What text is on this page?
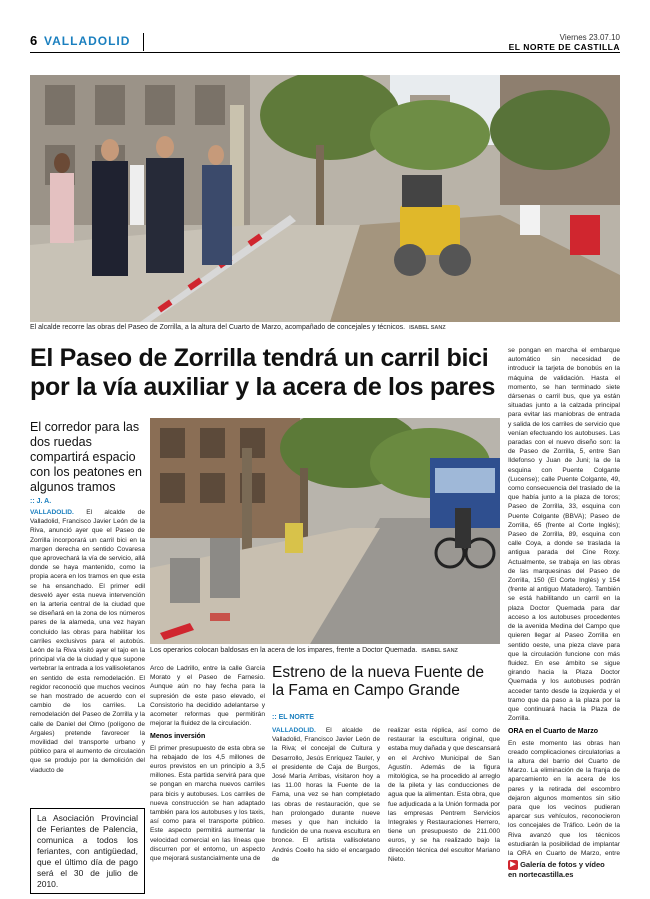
6 VALLADOLID	Viernes 23.07.10
EL NORTE DE CASTILLA
El alcalde recorre las obras del Paseo de Zorrilla, a la altura del Cuarto de Marzo, acompañado de concejales y técnicos. ISABEL SANZ
El Paseo de Zorrilla tendrá un carril bici por la vía auxiliar y la acera de los pares
El corredor para las dos ruedas compartirá espacio con los peatones en algunos tramos
:: J. A.
VALLADOLID. El alcalde de Valladolid, Francisco Javier León de la Riva, anunció ayer que el Paseo de Zorrilla incorporará un carril bici en la margen derecha en sentido Covaresa que aprovechará la vía de servicio, allá donde se haya mantenido, como la propia acera en los tramos en que esta se ha ensanchado. El primer edil desveló ayer esta nueva intervención en la arteria central de la ciudad que se diseñará en la zona de los números pares de la alameda, una vez hayan concluido las obras para habilitar los carriles exclusivos para el autobús. León de la Riva visitó ayer el tajo en la principal vía de la ciudad y que supone vertebrar la entrada a los vallisoletanos en sentido de esta remodelación. El regidor reconoció que muchos vecinos se han mostrado de acuerdo con el cambio de los carriles. La remodelación del Paseo de Zorrilla y la calle de Daniel del Olmo (polígono de Argales) pretende favorecer la movilidad del transporte urbano y público para el aumento de circulación que se produjo por la demolición del viaducto de
La Asociación Provincial de Feriantes de Palencia, comunica a todos los feriantes, con antigüedad, que el último día de pago será el 30 de julio de 2010.
Los operarios colocan baldosas en la acera de los impares, frente a Doctor Quemada. ISABEL SANZ
Arco de Ladrillo, entre la calle García Morato y el Paseo de Farnesio. Aunque aún no hay fecha para la supresión de este paso elevado, el Consistorio ha decidido adelantarse y acometer reformas que permitirán mejorar la fluidez de la circulación.
Menos inversión
El primer presupuesto de esta obra se ha rebajado de los 4,5 millones de euros previstos en un principio a 3,5 millones. Esta partida servirá para que se pongan en marcha nuevos carriles para bicis y autobuses. Los carriles de nueva construcción se han adaptado también para los autobuses y los taxis, así como para el transporte público. Este aspecto permitirá aumentar la velocidad comercial en las líneas que discurren por el entorno, un aspecto que mejorará sustancialmente una de
Estreno de la nueva Fuente de la Fama en Campo Grande
:: EL NORTE
VALLADOLID. El alcalde de Valladolid, Francisco Javier León de la Riva; el concejal de Cultura y Desarrollo, Jesús Enríquez Tauler, y el presidente de Caja de Burgos, José María Arribas, visitaron hoy a las 11.00 horas la Fuente de la Fama, una vez se han completado las obras de restauración, que se han prolongado durante nueve meses y que han incluido la fundición de una nueva escultura en bronce. El artista vallisoletano Andrés Coello ha sido el encargado de
realizar esta réplica, así como de restaurar la escultura original, que estaba muy dañada y que descansará en el Archivo Municipal de San Agustín. Además de la figura mitológica, se ha procedido al arreglo de la pileta y las conducciones de agua que la alimentan. Esta obra, que fue adjudicada a la Unión formada por las empresas Pentrem Servicios Integrales y Restauraciones Herrero, tiene un presupuesto de 211.000 euros, y se ha realizado bajo la dirección técnica del escultor Mariano Nieto.
se pongan en marcha el embarque automático sin necesidad de introducir la tarjeta de bonobús en la máquina de validación. Hasta el momento, se han terminado siete dársenas o carril bus, que ya están situadas junto a la calzada principal para evitar las maniobras de entrada y salida de los carriles de servicio que venían efectuando los autobuses. Las paradas con el nuevo diseño son: la de Paseo de Zorrilla, 5, entre San Ildefonso y Juan de Juni; la de la esquina con Puente Colgante (Lucense); calle Puente Colgante, 49, como consecuencia del traslado de la que había junto a la plaza de toros; Paseo de Zorrilla, 33, esquina con Puente Colgante (BBVA); Paseo de Zorrilla, 65 (frente al Corte Inglés); Paseo de Zorrilla, 89, esquina con calle Coya, a donde se traslada la antigua parada del Cine Roxy. Actualmente, se trabaja en las obras de las marquesinas del Paseo de Zorrilla, 150 (El Corte Inglés) y 154 (frente al antiguo Matadero). También se está habilitando un carril en la plaza Doctor Quemada para dar acceso a los autobuses procedentes de la avenida Medina del Campo que quieren llegar al Paseo Zorrilla en sentido oeste, una pieza clave para que la circulación funcione con más fluidez. En ese ámbito se sigue girando hacia la Plaza Doctor Quemada y los autobuses podrán acceder tanto desde la izquierda y el tramo que da paso a la plaza por la que continuará hacia la Plaza de Zorrilla.
ORA en el Cuarto de Marzo
En este momento las obras han creado complicaciones circulatorias a la altura del barrio del Cuarto de Marzo. La eliminación de la franja de aparcamiento en la acera de los pares y la retirada del escombro dejaron algunos momentos sin sitio para que los vecinos pudieran aparcar sus vehículos, reconocieron los concejales de Tráfico. León de la Riva avanzó que los técnicos estudiarán la posibilidad de implantar la ORA en Cuarto de Marzo, entre
▶ Galería de fotos y vídeo
en nortecastilla.es
